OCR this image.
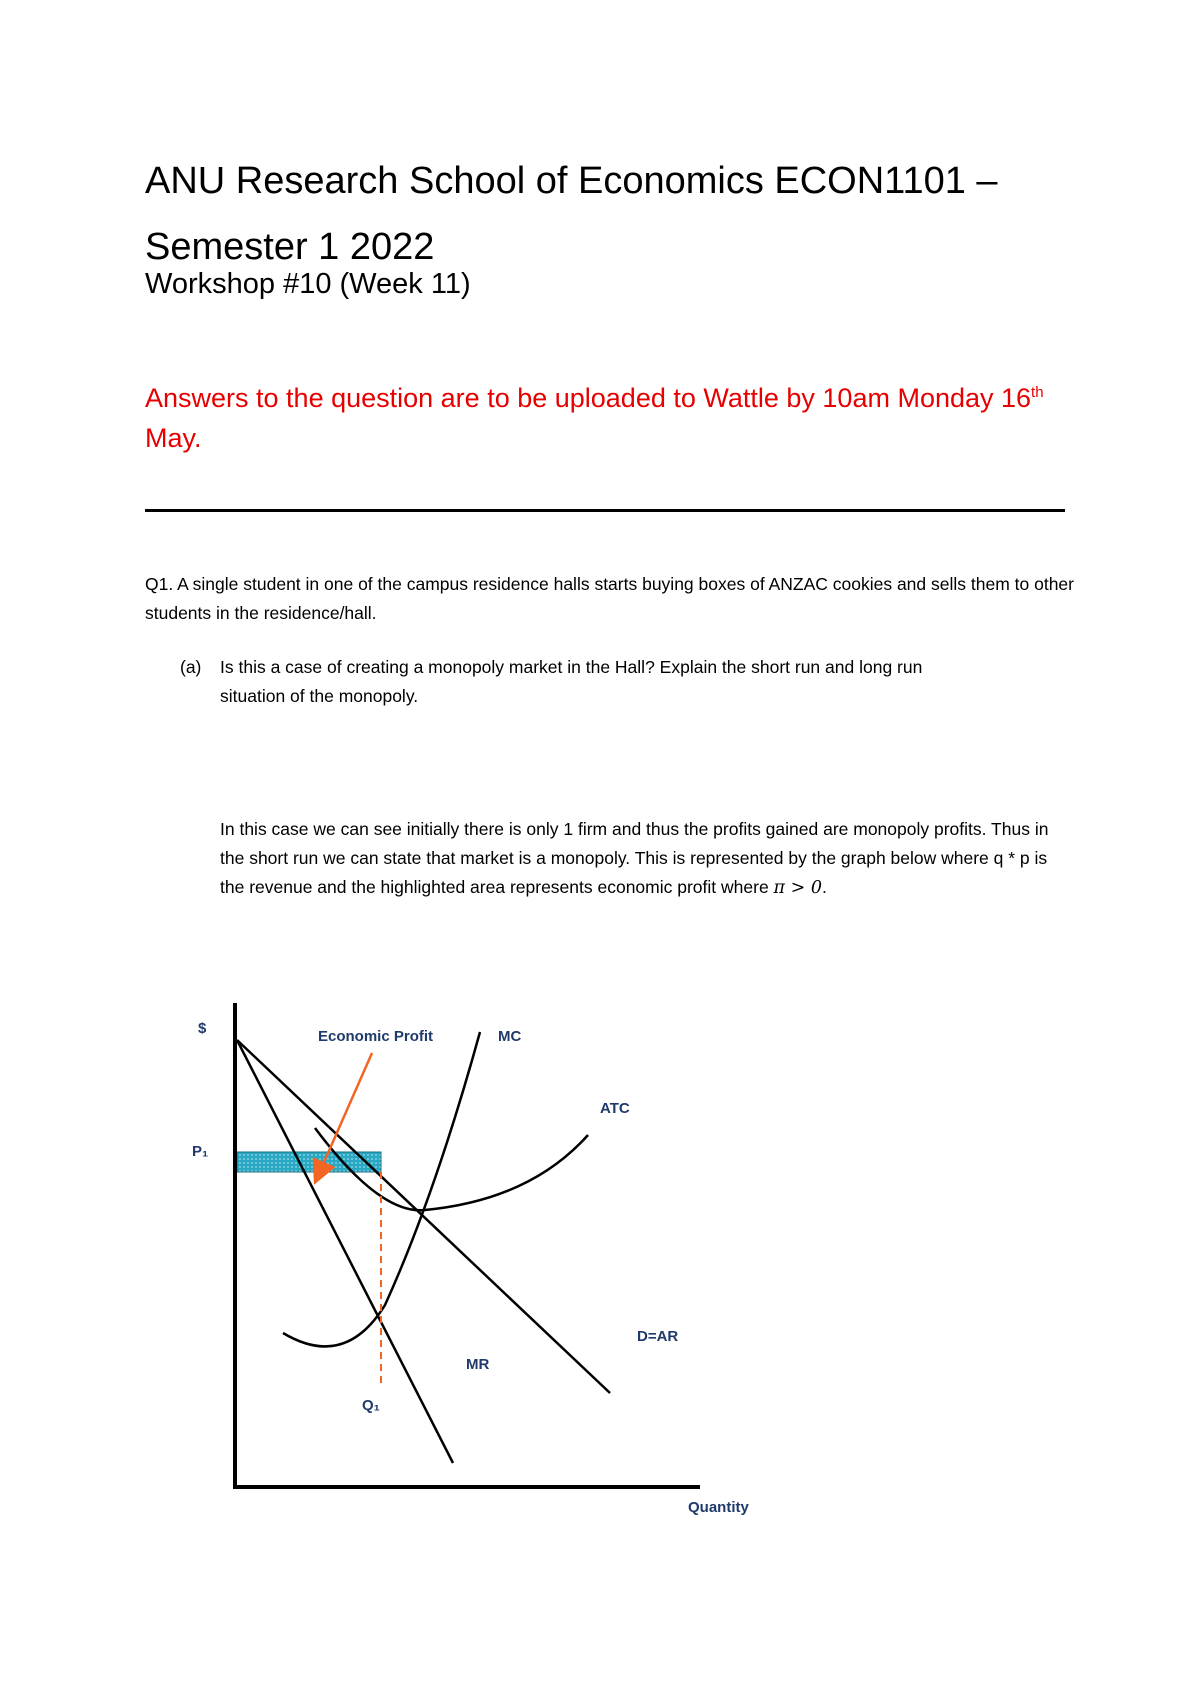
ANU Research School of Economics ECON1101 – Semester 1 2022
Workshop #10 (Week 11)
Answers to the question are to be uploaded to Wattle by 10am Monday 16th May.

Q1. A single student in one of the campus residence halls starts buying boxes of ANZAC cookies and sells them to other students in the residence/hall.

(a) Is this a case of creating a monopoly market in the Hall? Explain the short run and long run
situation of the monopoly.

In this case we can see initially there is only 1 firm and thus the profits gained are monopoly profits. Thus in the short run we can state that market is a monopoly. This is represented by the graph below where q * p is the revenue and the highlighted area represents economic profit where π > 0.

$	Economic Profit	MC
ATC
P₁
D=AR
MR
Q₁
Quantity
